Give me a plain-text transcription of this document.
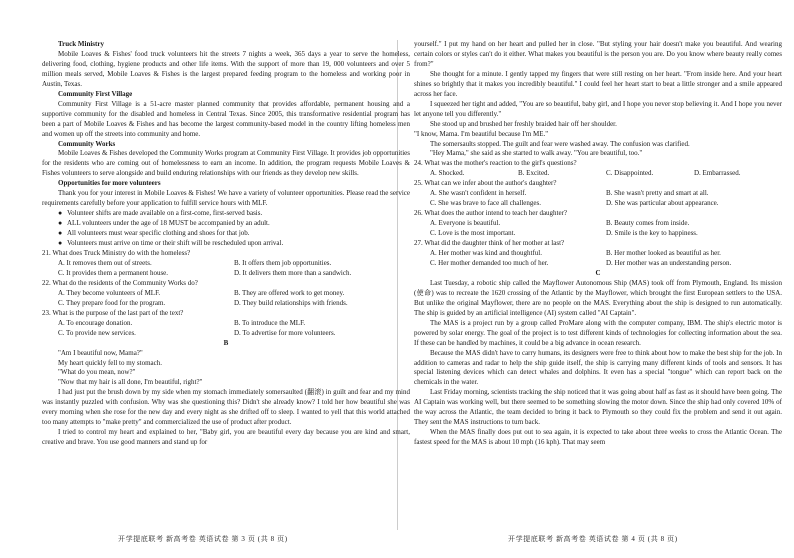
Truck Ministry

Mobile Loaves & Fishes' food truck volunteers hit the streets 7 nights a week, 365 days a year to serve the homeless, delivering food, clothing, hygiene products and other life items. With the support of more than 19, 000 volunteers and over 5 million meals served, Mobile Loaves & Fishes is the largest prepared feeding program to the homeless and working poor in Austin, Texas.

Community First Village

Community First Village is a 51-acre master planned community that provides affordable, permanent housing and a supportive community for the disabled and homeless in Central Texas. Since 2005, this transformative residential program has been a part of Mobile Loaves & Fishes and has become the largest community-based model in the country lifting homeless men and women up off the streets into community and home.

Community Works

Mobile Loaves & Fishes developed the Community Works program at Community First Village. It provides job opportunities for the residents who are coming out of homelessness to earn an income. In addition, the program requests Mobile Loaves & Fishes volunteers to serve alongside and build enduring relationships with our friends as they develop new skills.

Opportunities for more volunteers

Thank you for your interest in Mobile Loaves & Fishes! We have a variety of volunteer opportunities. Please read the service requirements carefully before your application to fulfill service hours with MLF.

● Volunteer shifts are made available on a first-come, first-served basis.

● ALL volunteers under the age of 18 MUST be accompanied by an adult.

● All volunteers must wear specific clothing and shoes for that job.

● Volunteers must arrive on time or their shift will be rescheduled upon arrival.

21. What does Truck Ministry do with the homeless?

A. It removes them out of streets.	B. It offers them job opportunities.
C. It provides them a permanent house.	D. It delivers them more than a sandwich.

22. What do the residents of the Community Works do?

A. They become volunteers of MLF.	B. They are offered work to get money.
C. They prepare food for the program.	D. They build relationships with friends.

23. What is the purpose of the last part of the text?

A. To encourage donation.	B. To introduce the MLF.
C. To provide new services.	D. To advertise for more volunteers.

B

"Am I beautiful now, Mama?"

My heart quickly fell to my stomach.

"What do you mean, now?"

"Now that my hair is all done, I'm beautiful, right?"

I had just put the brush down by my side when my stomach immediately somersaulted (翻滚) in guilt and fear and my mind was instantly puzzled with confusion. Why was she questioning this? Didn't she already know? I told her how beautiful she was every morning when she rose for the new day and every night as she drifted off to sleep. I wanted to yell that this world attached too many attempts to "make pretty" and commercialized the use of product after product.

I tried to control my heart and explained to her, "Baby girl, you are beautiful every day because you are kind and smart, creative and brave. You use good manners and stand up for

yourself." I put my hand on her heart and pulled her in close. "But styling your hair doesn't make you beautiful. And wearing certain colors or styles can't do it either. What makes you beautiful is the person you are. Do you know where beauty really comes from?"

She thought for a minute. I gently tapped my fingers that were still resting on her heart. "From inside here. And your heart shines so brightly that it makes you incredibly beautiful." I could feel her heart start to beat a little stronger and a smile appeared across her face.

I squeezed her tight and added, "You are so beautiful, baby girl, and I hope you never stop believing it. And I hope you never let anyone tell you differently."

She stood up and brushed her freshly braided hair off her shoulder.

"I know, Mama. I'm beautiful because I'm ME."

The somersaults stopped. The guilt and fear were washed away. The confusion was clarified.

"Hey Mama," she said as she started to walk away. "You are beautiful, too."

24. What was the mother's reaction to the girl's questions?

A. Shocked.	B. Excited.	C. Disappointed.	D. Embarrassed.

25. What can we infer about the author's daughter?

A. She wasn't confident in herself.	B. She wasn't pretty and smart at all.
C. She was brave to face all challenges.	D. She was particular about appearance.

26. What does the author intend to teach her daughter?

A. Everyone is beautiful.	B. Beauty comes from inside.
C. Love is the most important.	D. Smile is the key to happiness.

27. What did the daughter think of her mother at last?

A. Her mother was kind and thoughtful.	B. Her mother looked as beautiful as her.
C. Her mother demanded too much of her.	D. Her mother was an understanding person.

C

Last Tuesday, a robotic ship called the Mayflower Autonomous Ship (MAS) took off from Plymouth, England. Its mission (使命) was to recreate the 1620 crossing of the Atlantic by the Mayflower, which brought the first European settlers to the USA. But unlike the original Mayflower, there are no people on the MAS. Everything about the ship is designed to run automatically. The ship is guided by an artificial intelligence (AI) system called "AI Captain".

The MAS is a project run by a group called ProMare along with the computer company, IBM. The ship's electric motor is powered by solar energy. The goal of the project is to test different kinds of technologies for collecting information about the sea. If these can be handled by machines, it could be a big advance in ocean research.

Because the MAS didn't have to carry humans, its designers were free to think about how to make the best ship for the job. In addition to cameras and radar to help the ship guide itself, the ship is carrying many different kinds of tools and sensors. It has special listening devices which can detect whales and dolphins. It even has a special "tongue" which can report back on the chemicals in the water.

Last Friday morning, scientists tracking the ship noticed that it was going about half as fast as it should have been going. The AI Captain was working well, but there seemed to be something slowing the motor down. Since the ship had only covered 10% of the way across the Atlantic, the team decided to bring it back to Plymouth so they could fix the problem and send it out again. They sent the MAS instructions to turn back.

When the MAS finally does put out to sea again, it is expected to take about three weeks to cross the Atlantic Ocean. The fastest speed for the MAS is about 10 mph (16 kph). That may seem

开学提底联考 新高考卷 英语试卷 第 3 页 (共 8 页)	开学提底联考 新高考卷 英语试卷 第 4 页 (共 8 页)
